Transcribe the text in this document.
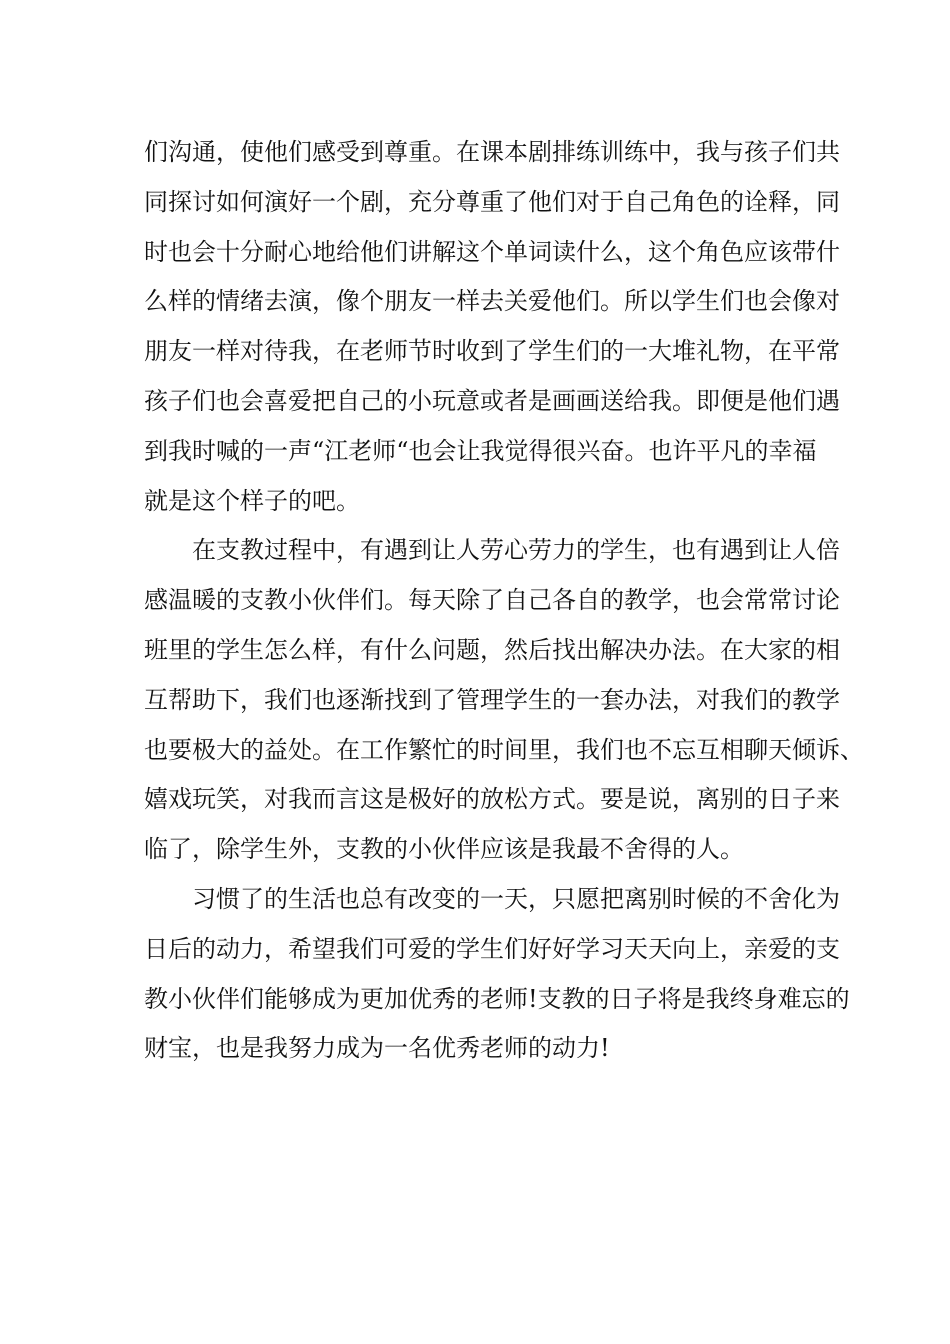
们沟通，使他们感受到尊重。在课本剧排练训练中，我与孩子们共
同探讨如何演好一个剧，充分尊重了他们对于自己角色的诠释，同
时也会十分耐心地给他们讲解这个单词读什么，这个角色应该带什
么样的情绪去演，像个朋友一样去关爱他们。所以学生们也会像对
朋友一样对待我，在老师节时收到了学生们的一大堆礼物，在平常
孩子们也会喜爱把自己的小玩意或者是画画送给我。即便是他们遇
到我时喊的一声“江老师“也会让我觉得很兴奋。也许平凡的幸福
就是这个样子的吧。
在支教过程中，有遇到让人劳心劳力的学生，也有遇到让人倍
感温暖的支教小伙伴们。每天除了自己各自的教学，也会常常讨论
班里的学生怎么样，有什么问题，然后找出解决办法。在大家的相
互帮助下，我们也逐渐找到了管理学生的一套办法，对我们的教学
也要极大的益处。在工作繁忙的时间里，我们也不忘互相聊天倾诉、
嬉戏玩笑，对我而言这是极好的放松方式。要是说，离别的日子来
临了，除学生外，支教的小伙伴应该是我最不舍得的人。
习惯了的生活也总有改变的一天，只愿把离别时候的不舍化为
日后的动力，希望我们可爱的学生们好好学习天天向上，亲爱的支
教小伙伴们能够成为更加优秀的老师!支教的日子将是我终身难忘的
财宝，也是我努力成为一名优秀老师的动力!
